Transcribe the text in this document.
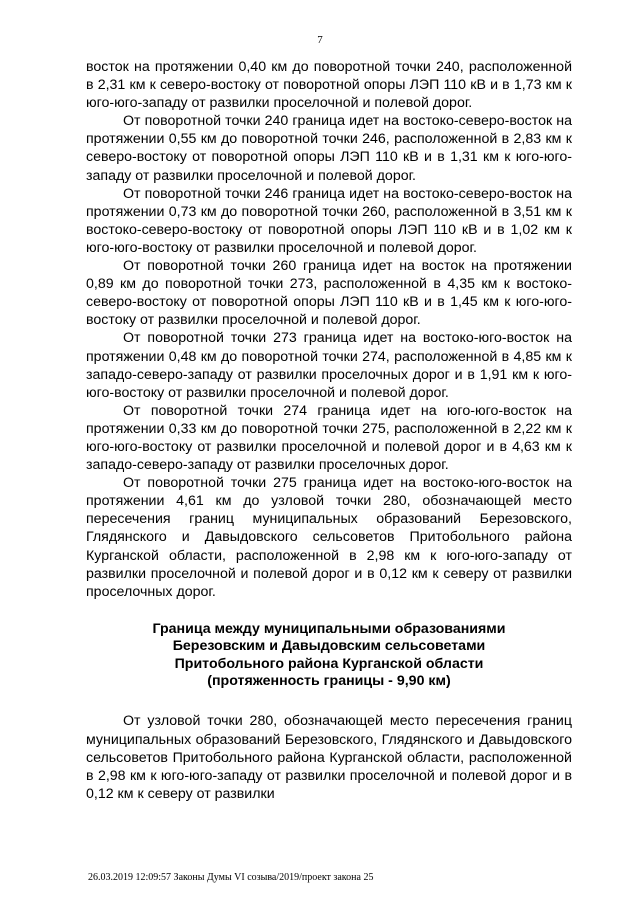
7

восток на протяжении 0,40 км до поворотной точки 240, расположенной в 2,31 км к северо-востоку от поворотной опоры ЛЭП 110 кВ и в 1,73 км к юго-юго-западу от развилки проселочной и полевой дорог.

От поворотной точки 240 граница идет на востоко-северо-восток на протяжении 0,55 км до поворотной точки 246, расположенной в 2,83 км к северо-востоку от поворотной опоры ЛЭП 110 кВ и в 1,31 км к юго-юго-западу от развилки проселочной и полевой дорог.

От поворотной точки 246 граница идет на востоко-северо-восток на протяжении 0,73 км до поворотной точки 260, расположенной в 3,51 км к востоко-северо-востоку от поворотной опоры ЛЭП 110 кВ и в 1,02 км к юго-юго-востоку от развилки проселочной и полевой дорог.

От поворотной точки 260 граница идет на восток на протяжении 0,89 км до поворотной точки 273, расположенной в 4,35 км к востоко-северо-востоку от поворотной опоры ЛЭП 110 кВ и в 1,45 км к юго-юго-востоку от развилки проселочной и полевой дорог.

От поворотной точки 273 граница идет на востоко-юго-восток на протяжении 0,48 км до поворотной точки 274, расположенной в 4,85 км к западо-северо-западу от развилки проселочных дорог и в 1,91 км к юго-юго-востоку от развилки проселочной и полевой дорог.

От поворотной точки 274 граница идет на юго-юго-восток на протяжении 0,33 км до поворотной точки 275, расположенной в 2,22 км к юго-юго-востоку от развилки проселочной и полевой дорог и в 4,63 км к западо-северо-западу от развилки проселочных дорог.

От поворотной точки 275 граница идет на востоко-юго-восток на протяжении 4,61 км до узловой точки 280, обозначающей место пересечения границ муниципальных образований Березовского, Глядянского и Давыдовского сельсоветов Притобольного района Курганской области, расположенной в 2,98 км к юго-юго-западу от развилки проселочной и полевой дорог и в 0,12 км к северу от развилки проселочных дорог.

Граница между муниципальными образованиями
Березовским и Давыдовским сельсоветами
Притобольного района Курганской области
(протяженность границы - 9,90 км)

От узловой точки 280, обозначающей место пересечения границ муниципальных образований Березовского, Глядянского и Давыдовского сельсоветов Притобольного района Курганской области, расположенной в 2,98 км к юго-юго-западу от развилки проселочной и полевой дорог и в 0,12 км к северу от развилки

26.03.2019 12:09:57 Законы Думы VI созыва/2019/проект закона 25
